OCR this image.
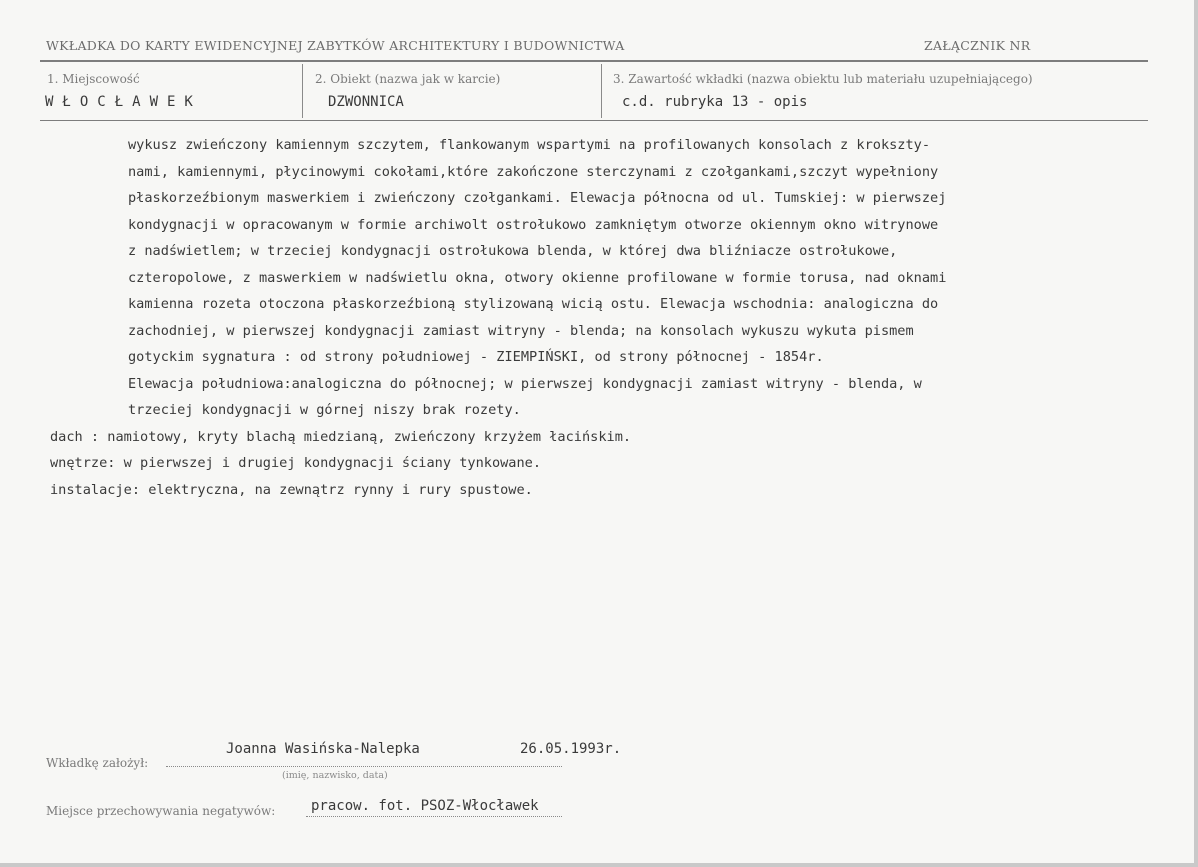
WKŁADKA DO KARTY EWIDENCYJNEJ ZABYTKÓW ARCHITEKTURY I BUDOWNICTWA	ZAŁĄCZNIK NR
1. Miejscowość
WŁOCŁAWEK
2. Obiekt (nazwa jak w karcie)
DZWONNICA
3. Zawartość wkładki (nazwa obiektu lub materiału uzupełniającego)
c.d. rubryka 13 - opis
wykusz zwieńczony kamiennym szczytem, flankowanym wspartymi na profilowanych konsolach z kroksztу-
nami, kamiennymi, płycinowymi cokołami,które zakończone sterczynami z czołgankami,szczyt wypełniony
płaskorzeźbionym maswerkiem i zwieńczony czołgankami. Elewacja północna od ul. Tumskiej: w pierwszej
kondygnacji w opracowanym w formie archiwolt ostrołukowo zamkniętym otworze okiennym okno witrynowe
z nadświetlem; w trzeciej kondygnacji ostrołukowa blenda, w której dwa bliźniacze ostrołukowe,
czteropolowe, z maswerkiem w nadświetlu okna, otwory okienne profilowane w formie torusa, nad oknami
kamienna rozeta otoczona płaskorzeźbioną stylizowaną wicią ostu. Elewacja wschodnia: analogiczna do
zachodniej, w pierwszej kondygnacji zamiast witryny - blenda; na konsolach wykuszu wykuta pismem
gotyckim sygnatura : od strony południowej - ZIEMPIŃSKI, od strony północnej - 1854r.
Elewacja południowa:analogiczna do północnej; w pierwszej kondygnacji zamiast witryny - blenda, w
trzeciej kondygnacji w górnej niszy brak rozety.
dach : namiotowy, kryty blachą miedzianą, zwieńczony krzyżem łacińskim.
wnętrze: w pierwszej i drugiej kondygnacji ściany tynkowane.
instalacje: elektryczna, na zewnątrz rynny i rury spustowe.
Wkładkę założył:
Joanna Wasińska-Nalepka	26.05.1993r.
(imię, nazwisko, data)
Miejsce przechowywania negatywów:	pracow. fot. PSOZ-Włocławek
